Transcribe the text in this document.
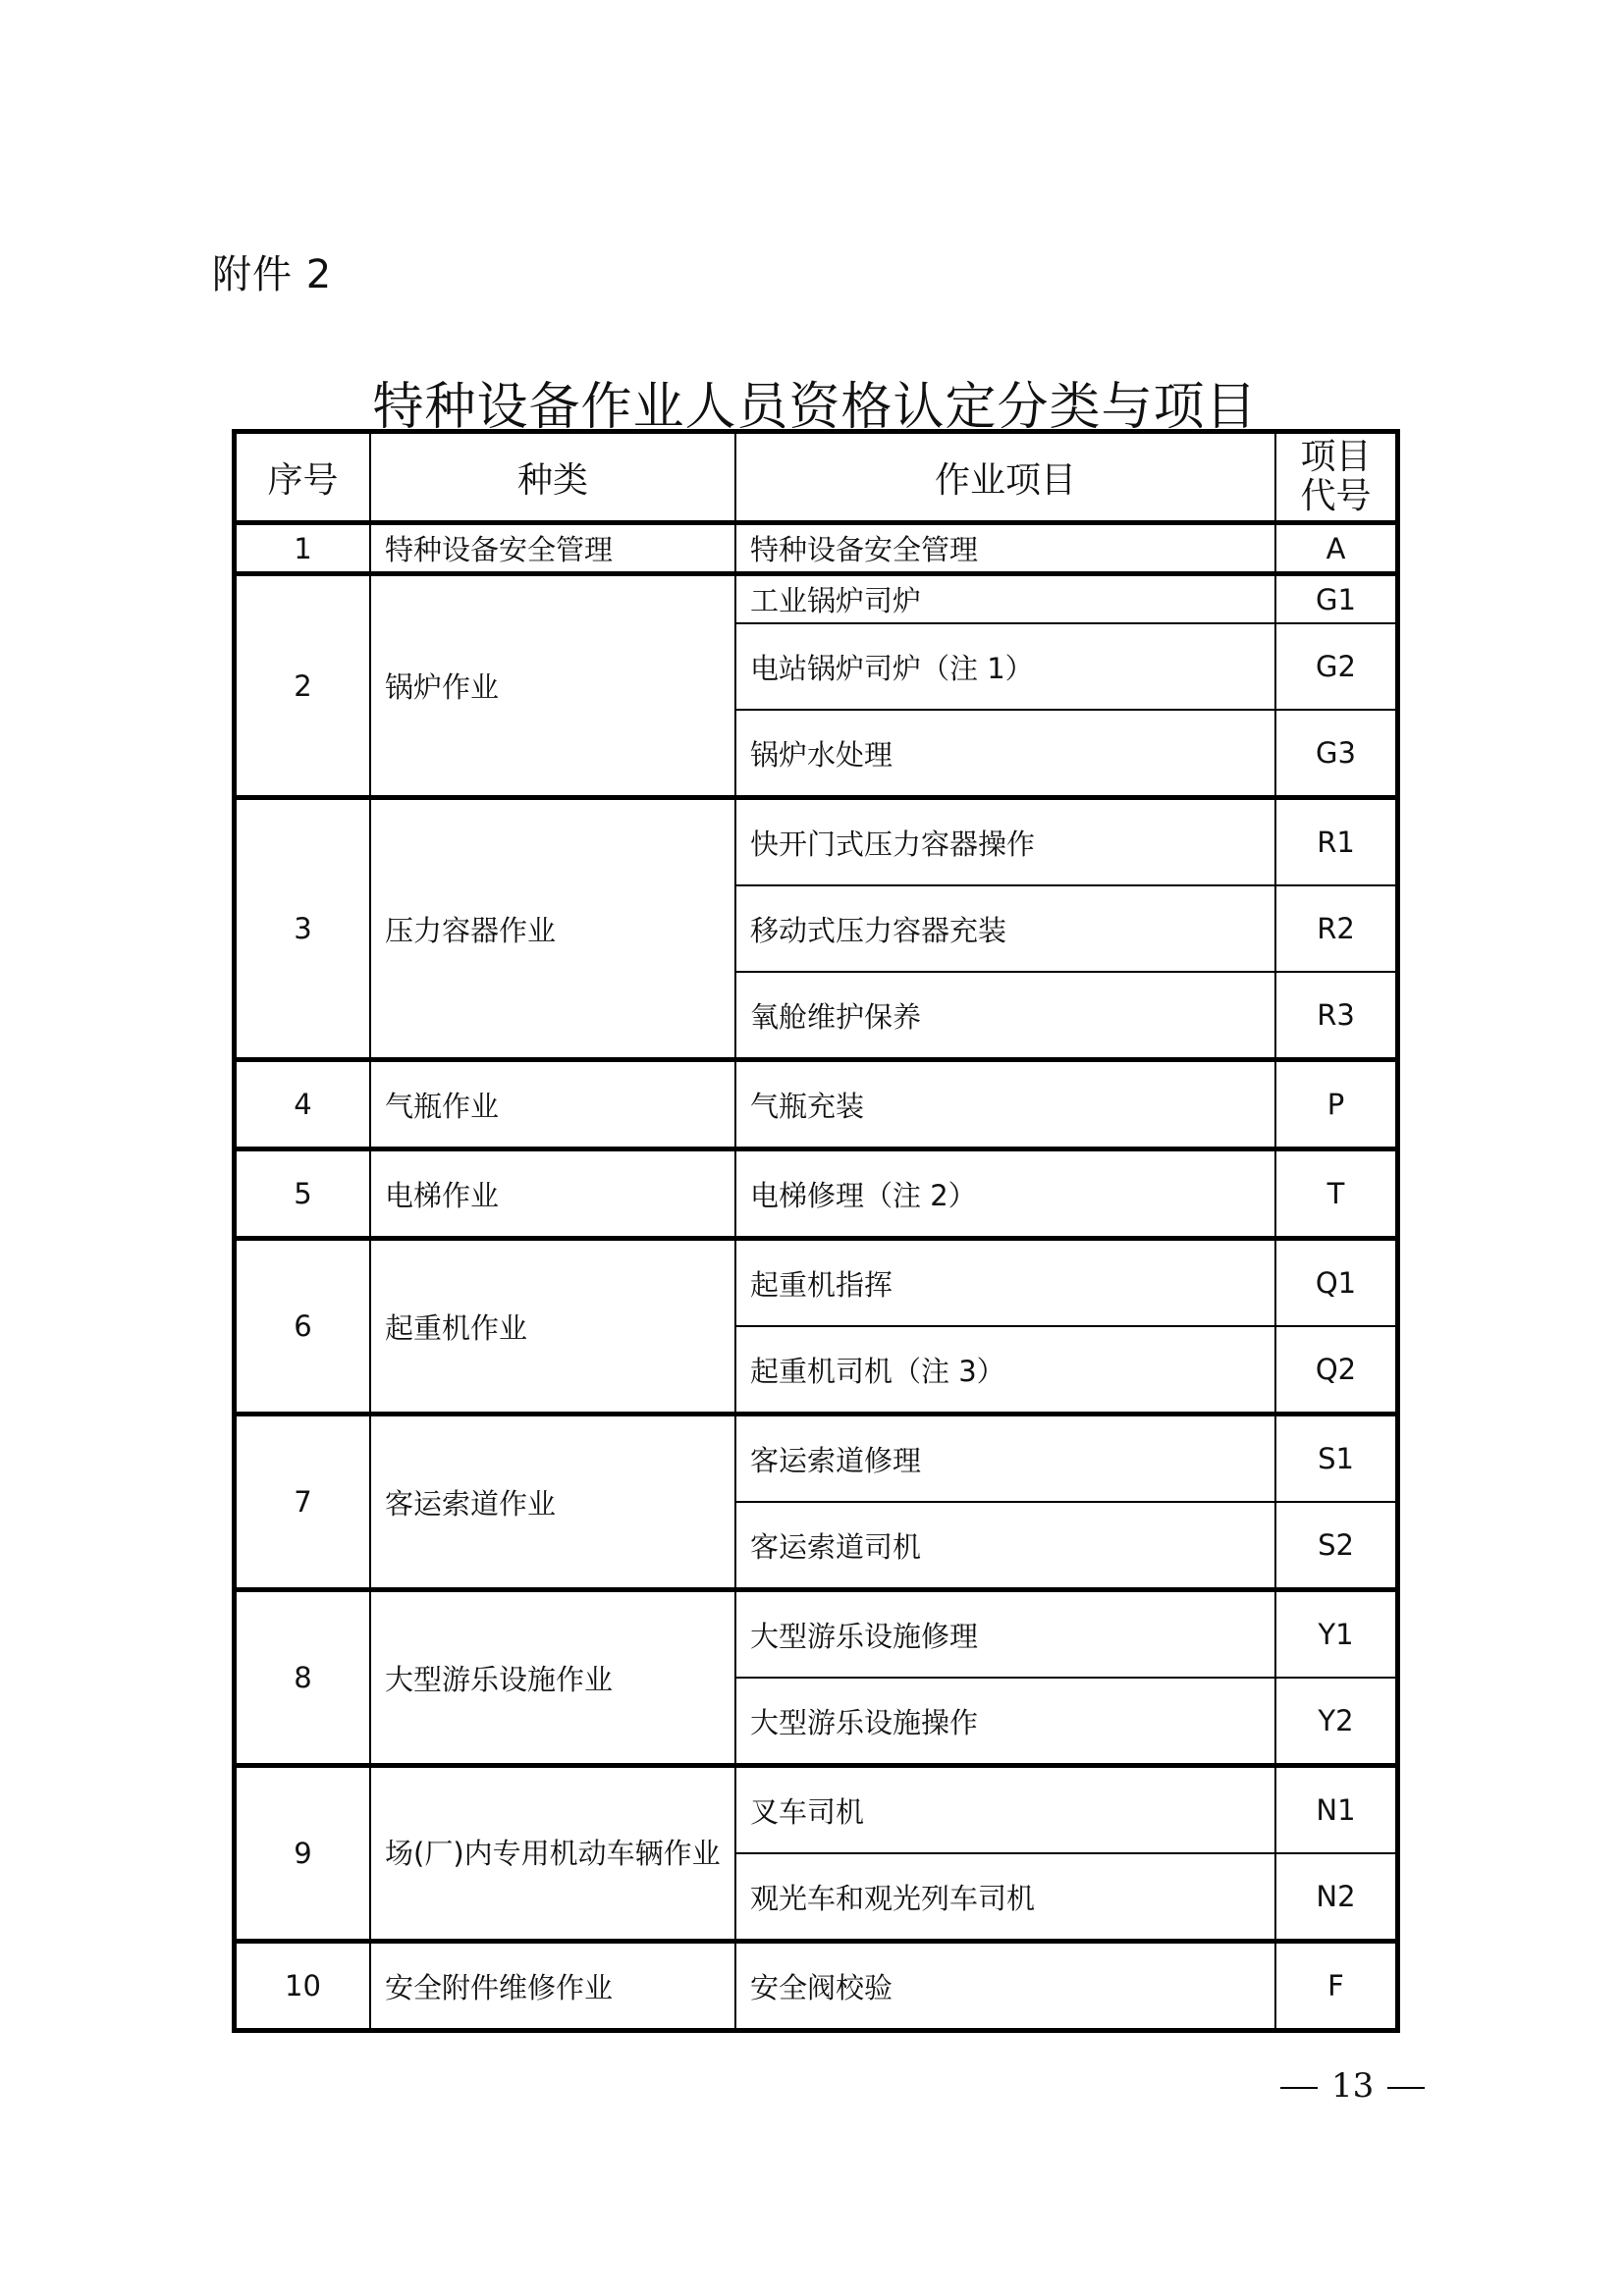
附件 2
特种设备作业人员资格认定分类与项目
序号	种类	作业项目	项目
代号

1	特种设备安全管理	特种设备安全管理	A
2	锅炉作业	工业锅炉司炉	G1
		电站锅炉司炉（注 1）	G2
		锅炉水处理	G3
3	压力容器作业	快开门式压力容器操作	R1
		移动式压力容器充装	R2
		氧舱维护保养	R3
4	气瓶作业	气瓶充装	P
5	电梯作业	电梯修理（注 2）	T
6	起重机作业	起重机指挥	Q1
		起重机司机（注 3）	Q2
7	客运索道作业	客运索道修理	S1
		客运索道司机	S2
8	大型游乐设施作业	大型游乐设施修理	Y1
		大型游乐设施操作	Y2
9	场(厂)内专用机动车辆作业	叉车司机	N1
		观光车和观光列车司机	N2
10	安全附件维修作业	安全阀校验	F
13
